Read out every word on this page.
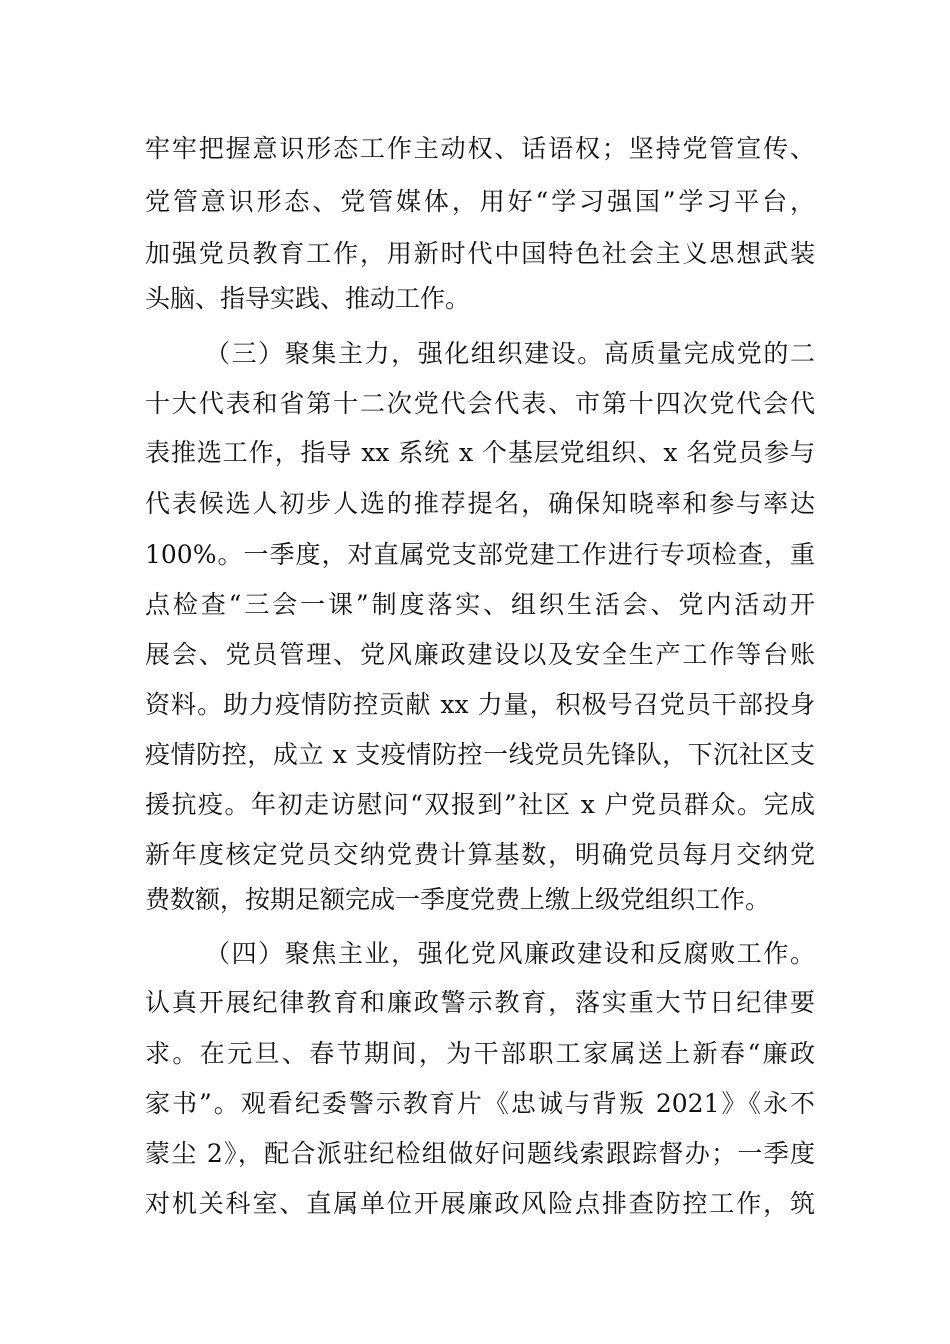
牢牢把握意识形态工作主动权、话语权；坚持党管宣传、
党管意识形态、党管媒体，用好“学习强国”学习平台，
加强党员教育工作，用新时代中国特色社会主义思想武装
头脑、指导实践、推动工作。
（三）聚集主力，强化组织建设。高质量完成党的二
十大代表和省第十二次党代会代表、市第十四次党代会代
表推选工作，指导 xx 系统 x 个基层党组织、x 名党员参与
代表候选人初步人选的推荐提名，确保知晓率和参与率达
100%。一季度，对直属党支部党建工作进行专项检查，重
点检查“三会一课”制度落实、组织生活会、党内活动开
展会、党员管理、党风廉政建设以及安全生产工作等台账
资料。助力疫情防控贡献 xx 力量，积极号召党员干部投身
疫情防控，成立 x 支疫情防控一线党员先锋队，下沉社区支
援抗疫。年初走访慰问“双报到”社区 x 户党员群众。完成
新年度核定党员交纳党费计算基数，明确党员每月交纳党
费数额，按期足额完成一季度党费上缴上级党组织工作。
（四）聚焦主业，强化党风廉政建设和反腐败工作。
认真开展纪律教育和廉政警示教育，落实重大节日纪律要
求。在元旦、春节期间，为干部职工家属送上新春“廉政
家书”。观看纪委警示教育片《忠诚与背叛 2021》《永不
蒙尘 2》，配合派驻纪检组做好问题线索跟踪督办；一季度
对机关科室、直属单位开展廉政风险点排查防控工作，筑
